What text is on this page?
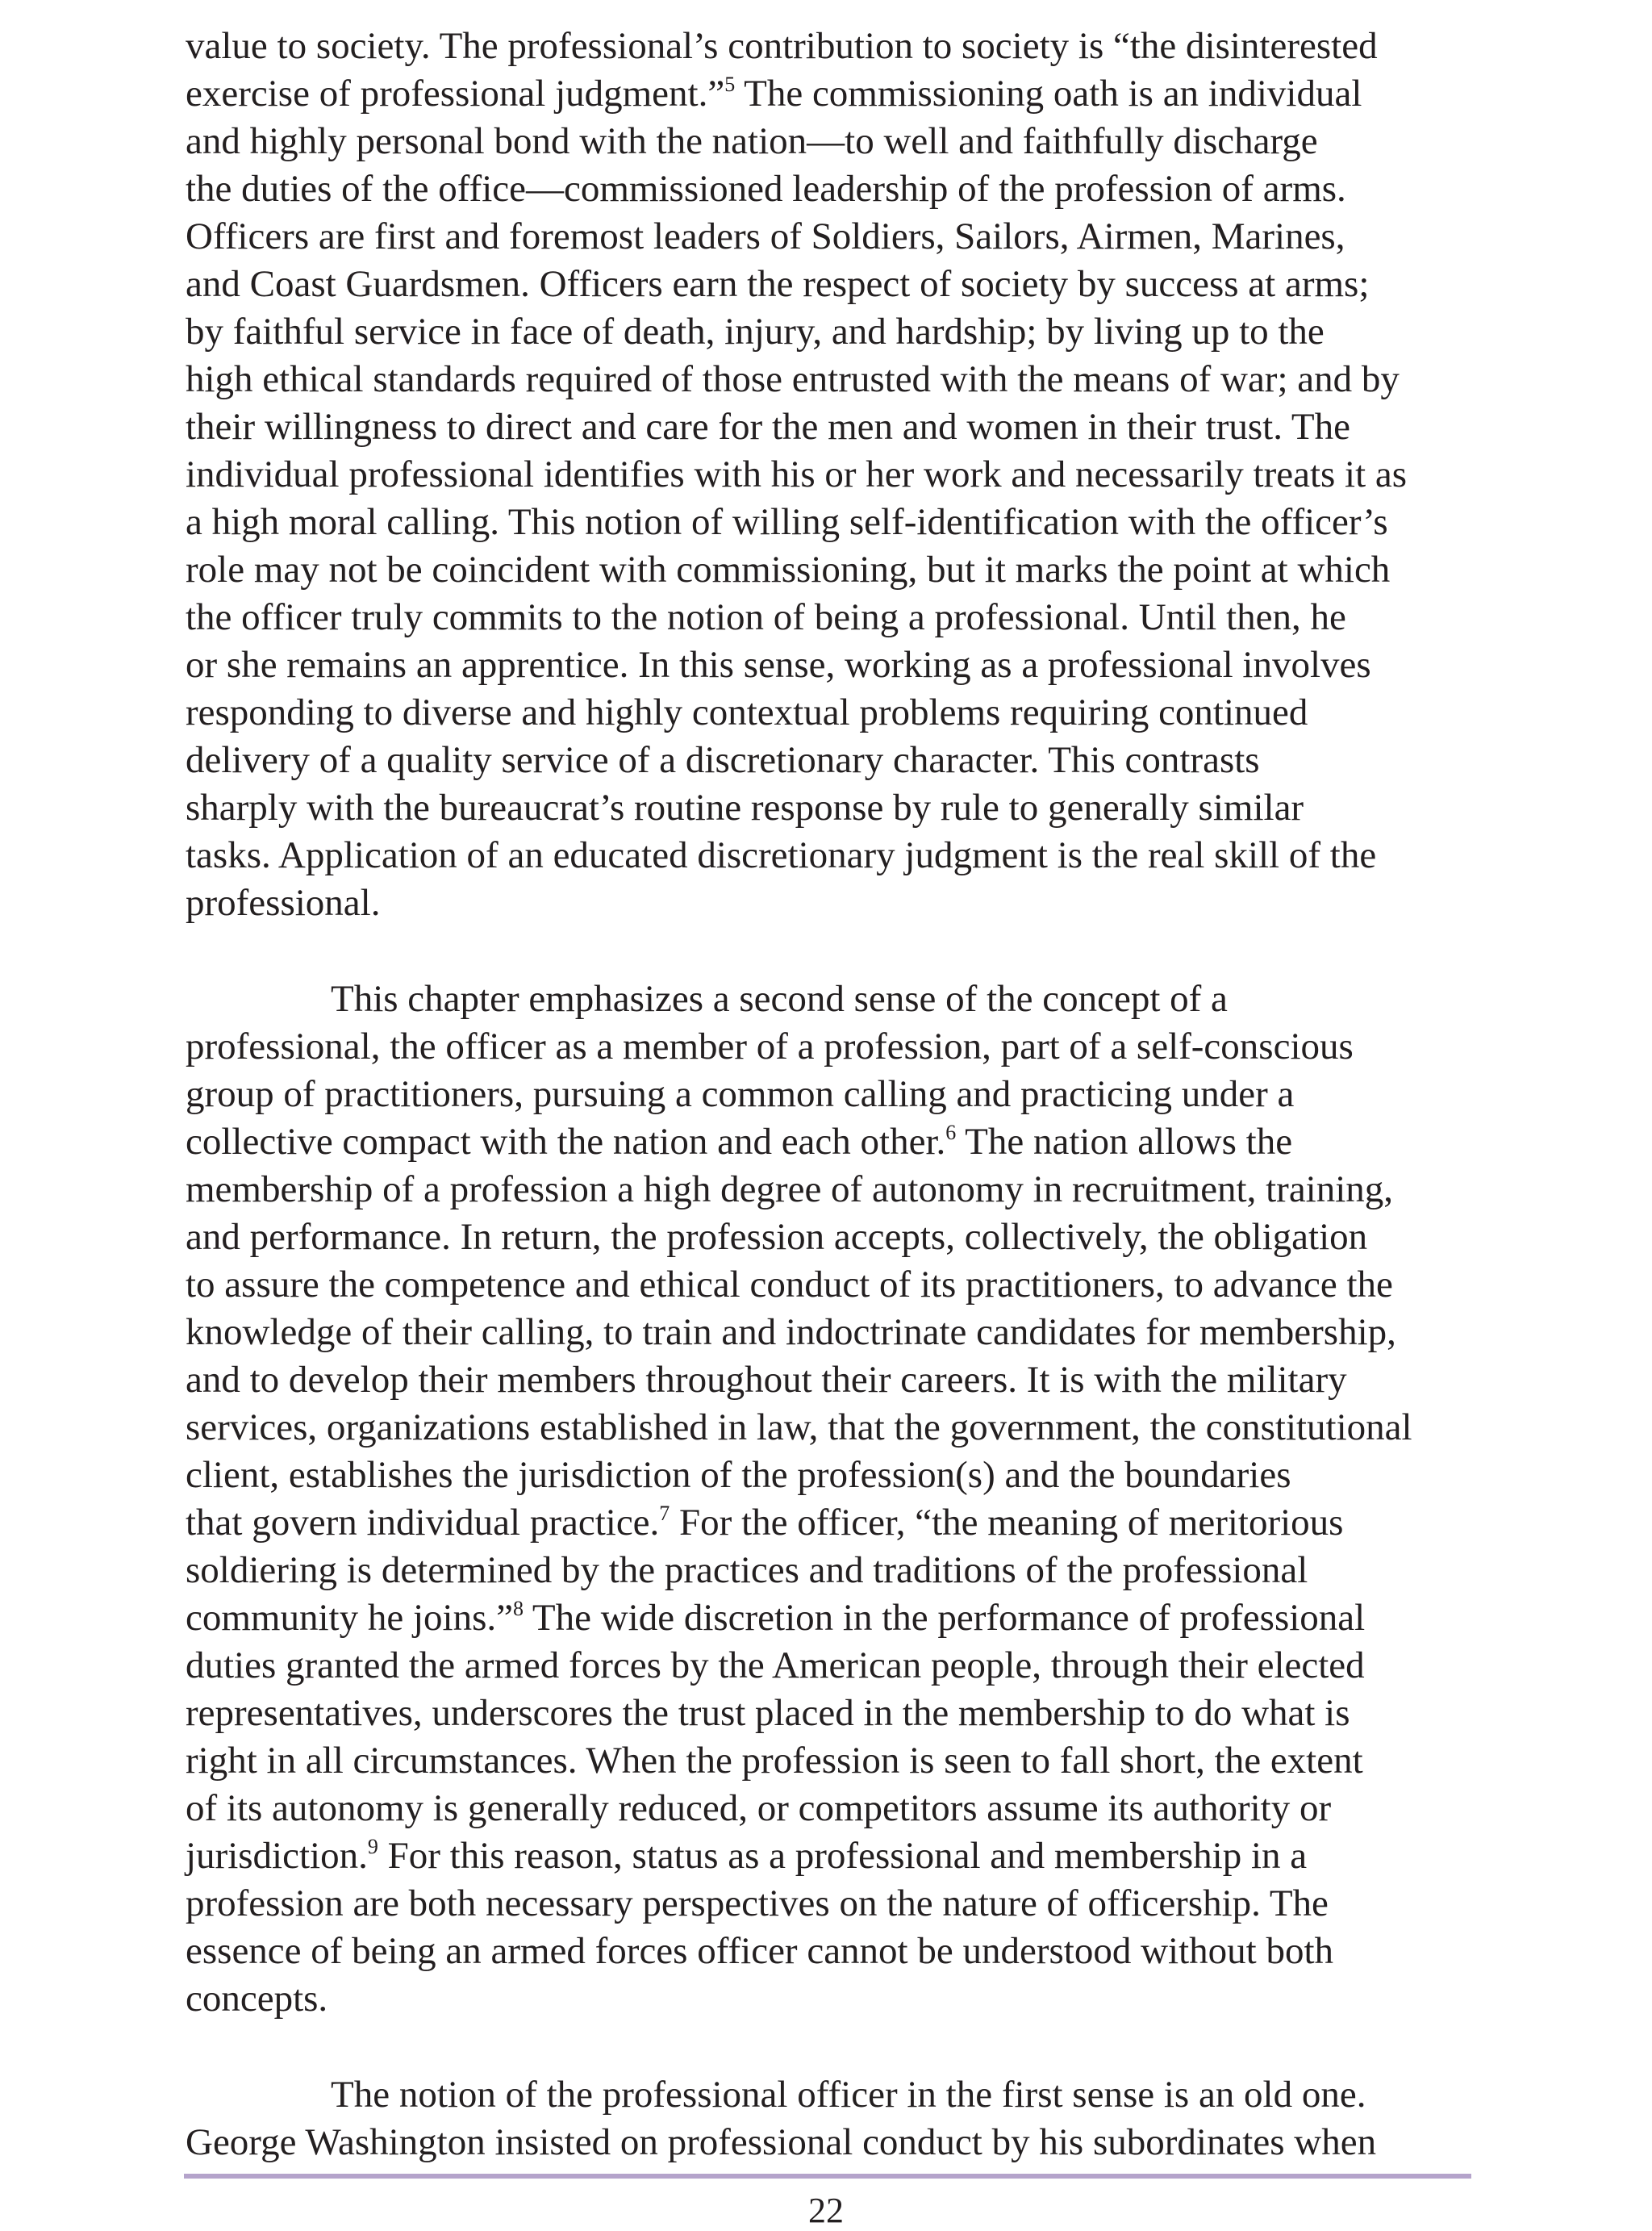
value to society. The professional’s contribution to society is “the disinterested
exercise of professional judgment.”$^5$ The commissioning oath is an individual
and highly personal bond with the nation—to well and faithfully discharge
the duties of the office—commissioned leadership of the profession of arms.
Officers are first and foremost leaders of Soldiers, Sailors, Airmen, Marines,
and Coast Guardsmen. Officers earn the respect of society by success at arms;
by faithful service in face of death, injury, and hardship; by living up to the
high ethical standards required of those entrusted with the means of war; and by
their willingness to direct and care for the men and women in their trust. The
individual professional identifies with his or her work and necessarily treats it as
a high moral calling. This notion of willing self-identification with the officer’s
role may not be coincident with commissioning, but it marks the point at which
the officer truly commits to the notion of being a professional. Until then, he
or she remains an apprentice. In this sense, working as a professional involves
responding to diverse and highly contextual problems requiring continued
delivery of a quality service of a discretionary character. This contrasts
sharply with the bureaucrat’s routine response by rule to generally similar
tasks. Application of an educated discretionary judgment is the real skill of the
professional.
This chapter emphasizes a second sense of the concept of a
professional, the officer as a member of a profession, part of a self-conscious
group of practitioners, pursuing a common calling and practicing under a
collective compact with the nation and each other.$^6$ The nation allows the
membership of a profession a high degree of autonomy in recruitment, training,
and performance. In return, the profession accepts, collectively, the obligation
to assure the competence and ethical conduct of its practitioners, to advance the
knowledge of their calling, to train and indoctrinate candidates for membership,
and to develop their members throughout their careers. It is with the military
services, organizations established in law, that the government, the constitutional
client, establishes the jurisdiction of the profession(s) and the boundaries
that govern individual practice.$^7$ For the officer, “the meaning of meritorious
soldiering is determined by the practices and traditions of the professional
community he joins.”$^8$ The wide discretion in the performance of professional
duties granted the armed forces by the American people, through their elected
representatives, underscores the trust placed in the membership to do what is
right in all circumstances. When the profession is seen to fall short, the extent
of its autonomy is generally reduced, or competitors assume its authority or
jurisdiction.$^9$ For this reason, status as a professional and membership in a
profession are both necessary perspectives on the nature of officership. The
essence of being an armed forces officer cannot be understood without both
concepts.
The notion of the professional officer in the first sense is an old one.
George Washington insisted on professional conduct by his subordinates when
22
